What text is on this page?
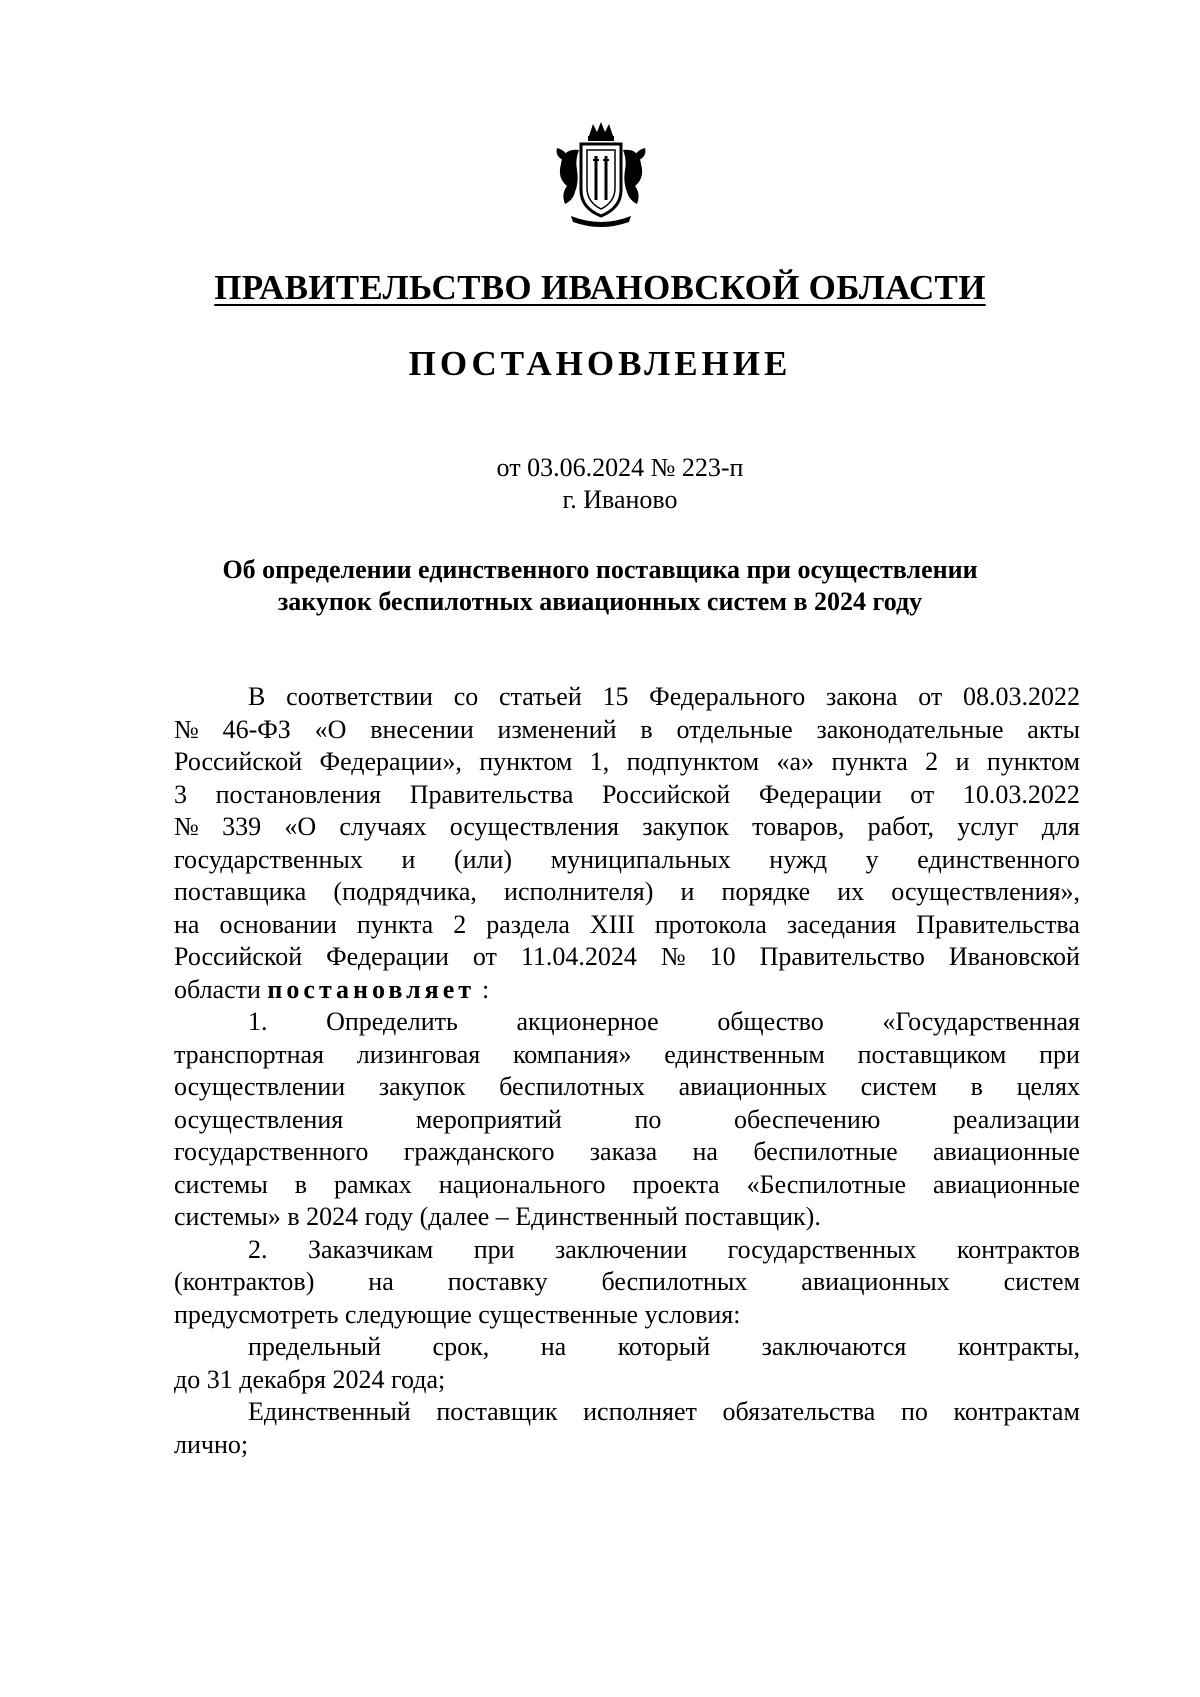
ПРАВИТЕЛЬСТВО ИВАНОВСКОЙ ОБЛАСТИ
ПОСТАНОВЛЕНИЕ
от 03.06.2024 № 223-п
г. Иваново
Об определении единственного поставщика при осуществлении
закупок беспилотных авиационных систем в 2024 году
В соответствии со статьей 15 Федерального закона от 08.03.2022
№ 46-ФЗ «О внесении изменений в отдельные законодательные акты
Российской Федерации», пунктом 1, подпунктом «а» пункта 2 и пунктом
3 постановления Правительства Российской Федерации от 10.03.2022
№ 339 «О случаях осуществления закупок товаров, работ, услуг для
государственных и (или) муниципальных нужд у единственного
поставщика (подрядчика, исполнителя) и порядке их осуществления»,
на основании пункта 2 раздела XIII протокола заседания Правительства
Российской Федерации от 11.04.2024 № 10 Правительство Ивановской
области
постановляет :
1. Определить акционерное общество «Государственная
транспортная лизинговая компания» единственным поставщиком при
осуществлении закупок беспилотных авиационных систем в целях
осуществления	мероприятий	по	обеспечению	реализации
государственного гражданского заказа на беспилотные авиационные
системы в рамках национального проекта «Беспилотные авиационные
системы» в 2024 году (далее – Единственный поставщик).
2. Заказчикам при заключении государственных контрактов
(контрактов) на поставку беспилотных авиационных систем
предусмотреть следующие существенные условия:
предельный срок, на который заключаются контракты,
до 31 декабря 2024 года;
Единственный поставщик исполняет обязательства по контрактам
лично;
